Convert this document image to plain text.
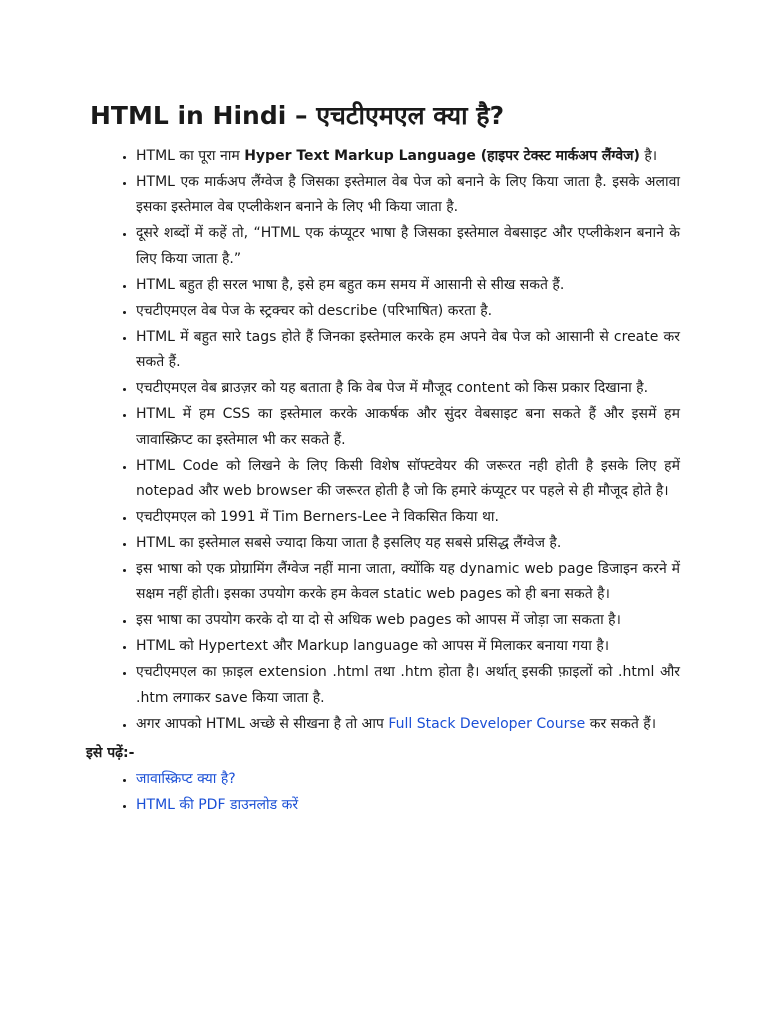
HTML in Hindi – एचटीएमएल क्या है?
• HTML का पूरा नाम Hyper Text Markup Language (हाइपर टेक्स्ट मार्कअप लैंग्वेज) है।
• HTML एक मार्कअप लैंग्वेज है जिसका इस्तेमाल वेब पेज को बनाने के लिए किया जाता है. इसके अलावा इसका इस्तेमाल वेब एप्लीकेशन बनाने के लिए भी किया जाता है.
• दूसरे शब्दों में कहें तो, “HTML एक कंप्यूटर भाषा है जिसका इस्तेमाल वेबसाइट और एप्लीकेशन बनाने के लिए किया जाता है.”
• HTML बहुत ही सरल भाषा है, इसे हम बहुत कम समय में आसानी से सीख सकते हैं.
• एचटीएमएल वेब पेज के स्ट्रक्चर को describe (परिभाषित) करता है.
• HTML में बहुत सारे tags होते हैं जिनका इस्तेमाल करके हम अपने वेब पेज को आसानी से create कर सकते हैं.
• एचटीएमएल वेब ब्राउज़र को यह बताता है कि वेब पेज में मौजूद content को किस प्रकार दिखाना है.
• HTML में हम CSS का इस्तेमाल करके आकर्षक और सुंदर वेबसाइट बना सकते हैं और इसमें हम जावास्क्रिप्ट का इस्तेमाल भी कर सकते हैं.
• HTML Code को लिखने के लिए किसी विशेष सॉफ्टवेयर की जरूरत नही होती है इसके लिए हमें notepad और web browser की जरूरत होती है जो कि हमारे कंप्यूटर पर पहले से ही मौजूद होते है।
• एचटीएमएल को 1991 में Tim Berners-Lee ने विकसित किया था.
• HTML का इस्तेमाल सबसे ज्यादा किया जाता है इसलिए यह सबसे प्रसिद्ध लैंग्वेज है.
• इस भाषा को एक प्रोग्रामिंग लैंग्वेज नहीं माना जाता, क्योंकि यह dynamic web page डिजाइन करने में सक्षम नहीं होती। इसका उपयोग करके हम केवल static web pages को ही बना सकते है।
• इस भाषा का उपयोग करके दो या दो से अधिक web pages को आपस में जोड़ा जा सकता है।
• HTML को Hypertext और Markup language को आपस में मिलाकर बनाया गया है।
• एचटीएमएल का फ़ाइल extension .html तथा .htm होता है। अर्थात् इसकी फ़ाइलों को .html और .htm लगाकर save किया जाता है.
• अगर आपको HTML अच्छे से सीखना है तो आप Full Stack Developer Course कर सकते हैं।
इसे पढ़ें:-
• जावास्क्रिप्ट क्या है?
• HTML की PDF डाउनलोड करें
